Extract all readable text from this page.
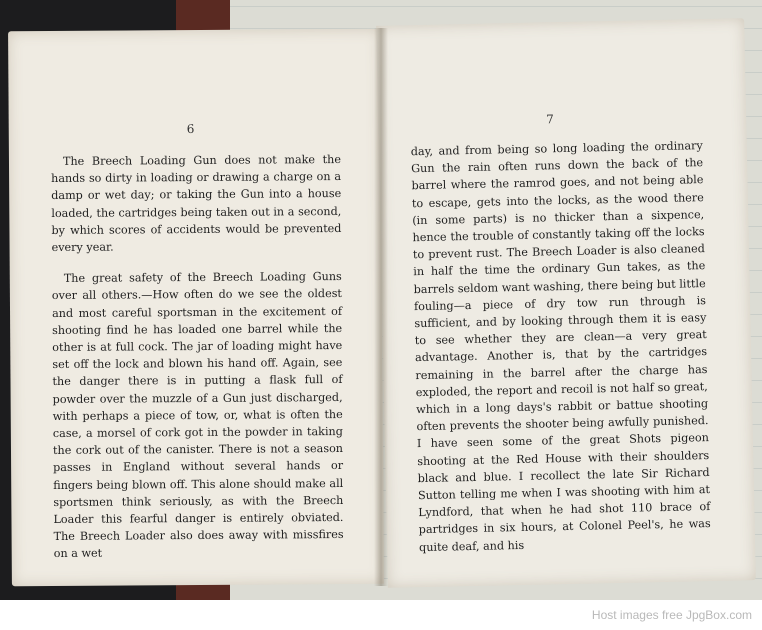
6

The Breech Loading Gun does not make the hands so dirty in loading or drawing a charge on a damp or wet day; or taking the Gun into a house loaded, the cartridges being taken out in a second, by which scores of accidents would be prevented every year.

The great safety of the Breech Loading Guns over all others.—How often do we see the oldest and most careful sportsman in the excitement of shooting find he has loaded one barrel while the other is at full cock. The jar of loading might have set off the lock and blown his hand off. Again, see the danger there is in putting a flask full of powder over the muzzle of a Gun just discharged, with perhaps a piece of tow, or, what is often the case, a morsel of cork got in the powder in taking the cork out of the canister. There is not a season passes in England without several hands or fingers being blown off. This alone should make all sportsmen think seriously, as with the Breech Loader this fearful danger is entirely obviated. The Breech Loader also does away with missfires on a wet

7

day, and from being so long loading the ordinary Gun the rain often runs down the back of the barrel where the ramrod goes, and not being able to escape, gets into the locks, as the wood there (in some parts) is no thicker than a sixpence, hence the trouble of constantly taking off the locks to prevent rust. The Breech Loader is also cleaned in half the time the ordinary Gun takes, as the barrels seldom want washing, there being but little fouling—a piece of dry tow run through is sufficient, and by looking through them it is easy to see whether they are clean—a very great advantage. Another is, that by the cartridges remaining in the barrel after the charge has exploded, the report and recoil is not half so great, which in a long days's rabbit or battue shooting often prevents the shooter being awfully punished. I have seen some of the great Shots pigeon shooting at the Red House with their shoulders black and blue. I recollect the late Sir Richard Sutton telling me when I was shooting with him at Lyndford, that when he had shot 110 brace of partridges in six hours, at Colonel Peel's, he was quite deaf, and his

Host images free JpgBox.com
